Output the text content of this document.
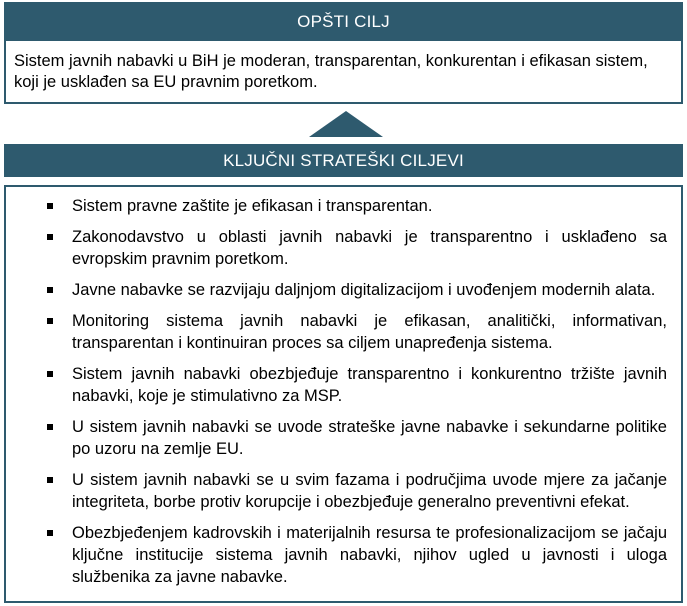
OPŠTI CILJ
Sistem javnih nabavki u BiH je moderan, transparentan, konkurentan i efikasan sistem, koji je usklađen sa EU pravnim poretkom.
KLJUČNI STRATEŠKI CILJEVI
Sistem pravne zaštite je efikasan i transparentan.
Zakonodavstvo u oblasti javnih nabavki je transparentno i usklađeno sa evropskim pravnim poretkom.
Javne nabavke se razvijaju daljnjom digitalizacijom i uvođenjem modernih alata.
Monitoring sistema javnih nabavki je efikasan, analitički, informativan, transparentan i kontinuiran proces sa ciljem unapređenja sistema.
Sistem javnih nabavki obezbjeđuje transparentno i konkurentno tržište javnih nabavki, koje je stimulativno za MSP.
U sistem javnih nabavki se uvode strateške javne nabavke i sekundarne politike po uzoru na zemlje EU.
U sistem javnih nabavki se u svim fazama i područjima uvode mjere za jačanje integriteta, borbe protiv korupcije i obezbjeđuje generalno preventivni efekat.
Obezbjeđenjem kadrovskih i materijalnih resursa te profesionalizacijom se jačaju ključne institucije sistema javnih nabavki, njihov ugled u javnosti i uloga službenika za javne nabavke.
